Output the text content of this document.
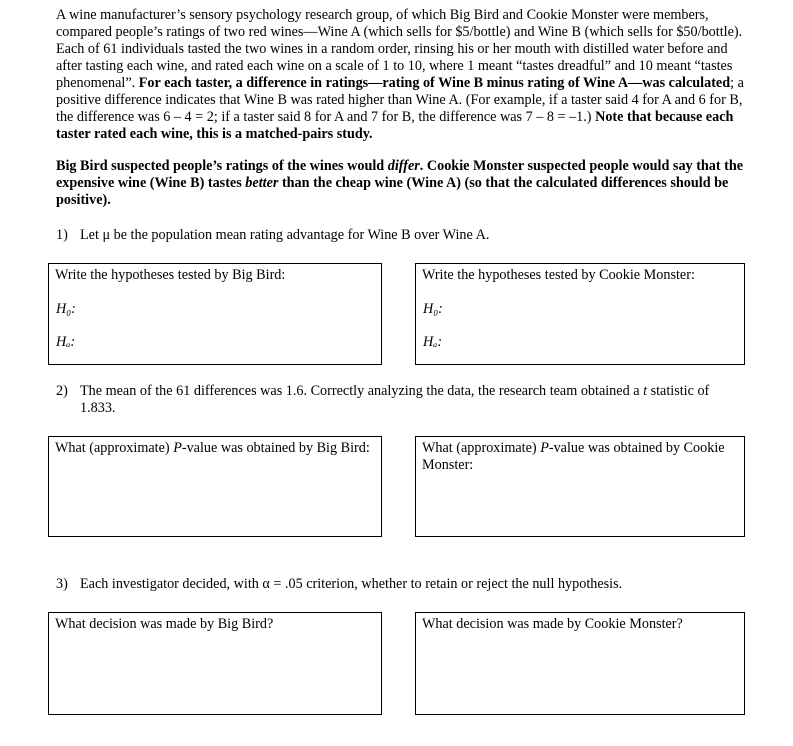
A wine manufacturer’s sensory psychology research group, of which Big Bird and Cookie Monster were members, compared people’s ratings of two red wines—Wine A (which sells for $5/bottle) and Wine B (which sells for $50/bottle). Each of 61 individuals tasted the two wines in a random order, rinsing his or her mouth with distilled water before and after tasting each wine, and rated each wine on a scale of 1 to 10, where 1 meant “tastes dreadful” and 10 meant “tastes phenomenal”. For each taster, a difference in ratings—rating of Wine B minus rating of Wine A—was calculated; a positive difference indicates that Wine B was rated higher than Wine A. (For example, if a taster said 4 for A and 6 for B, the difference was 6 – 4 = 2; if a taster said 8 for A and 7 for B, the difference was 7 – 8 = –1.) Note that because each taster rated each wine, this is a matched-pairs study.

Big Bird suspected people’s ratings of the wines would differ. Cookie Monster suspected people would say that the expensive wine (Wine B) tastes better than the cheap wine (Wine A) (so that the calculated differences should be positive).

1) Let μ be the population mean rating advantage for Wine B over Wine A.
Write the hypotheses tested by Big Bird:
H₀:
Hₐ:
Write the hypotheses tested by Cookie Monster:
H₀:
Hₐ:
2) The mean of the 61 differences was 1.6. Correctly analyzing the data, the research team obtained a t statistic of 1.833.
What (approximate) P-value was obtained by Big Bird:	What (approximate) P-value was obtained by Cookie Monster:
3) Each investigator decided, with α = .05 criterion, whether to retain or reject the null hypothesis.
What decision was made by Big Bird?	What decision was made by Cookie Monster?
